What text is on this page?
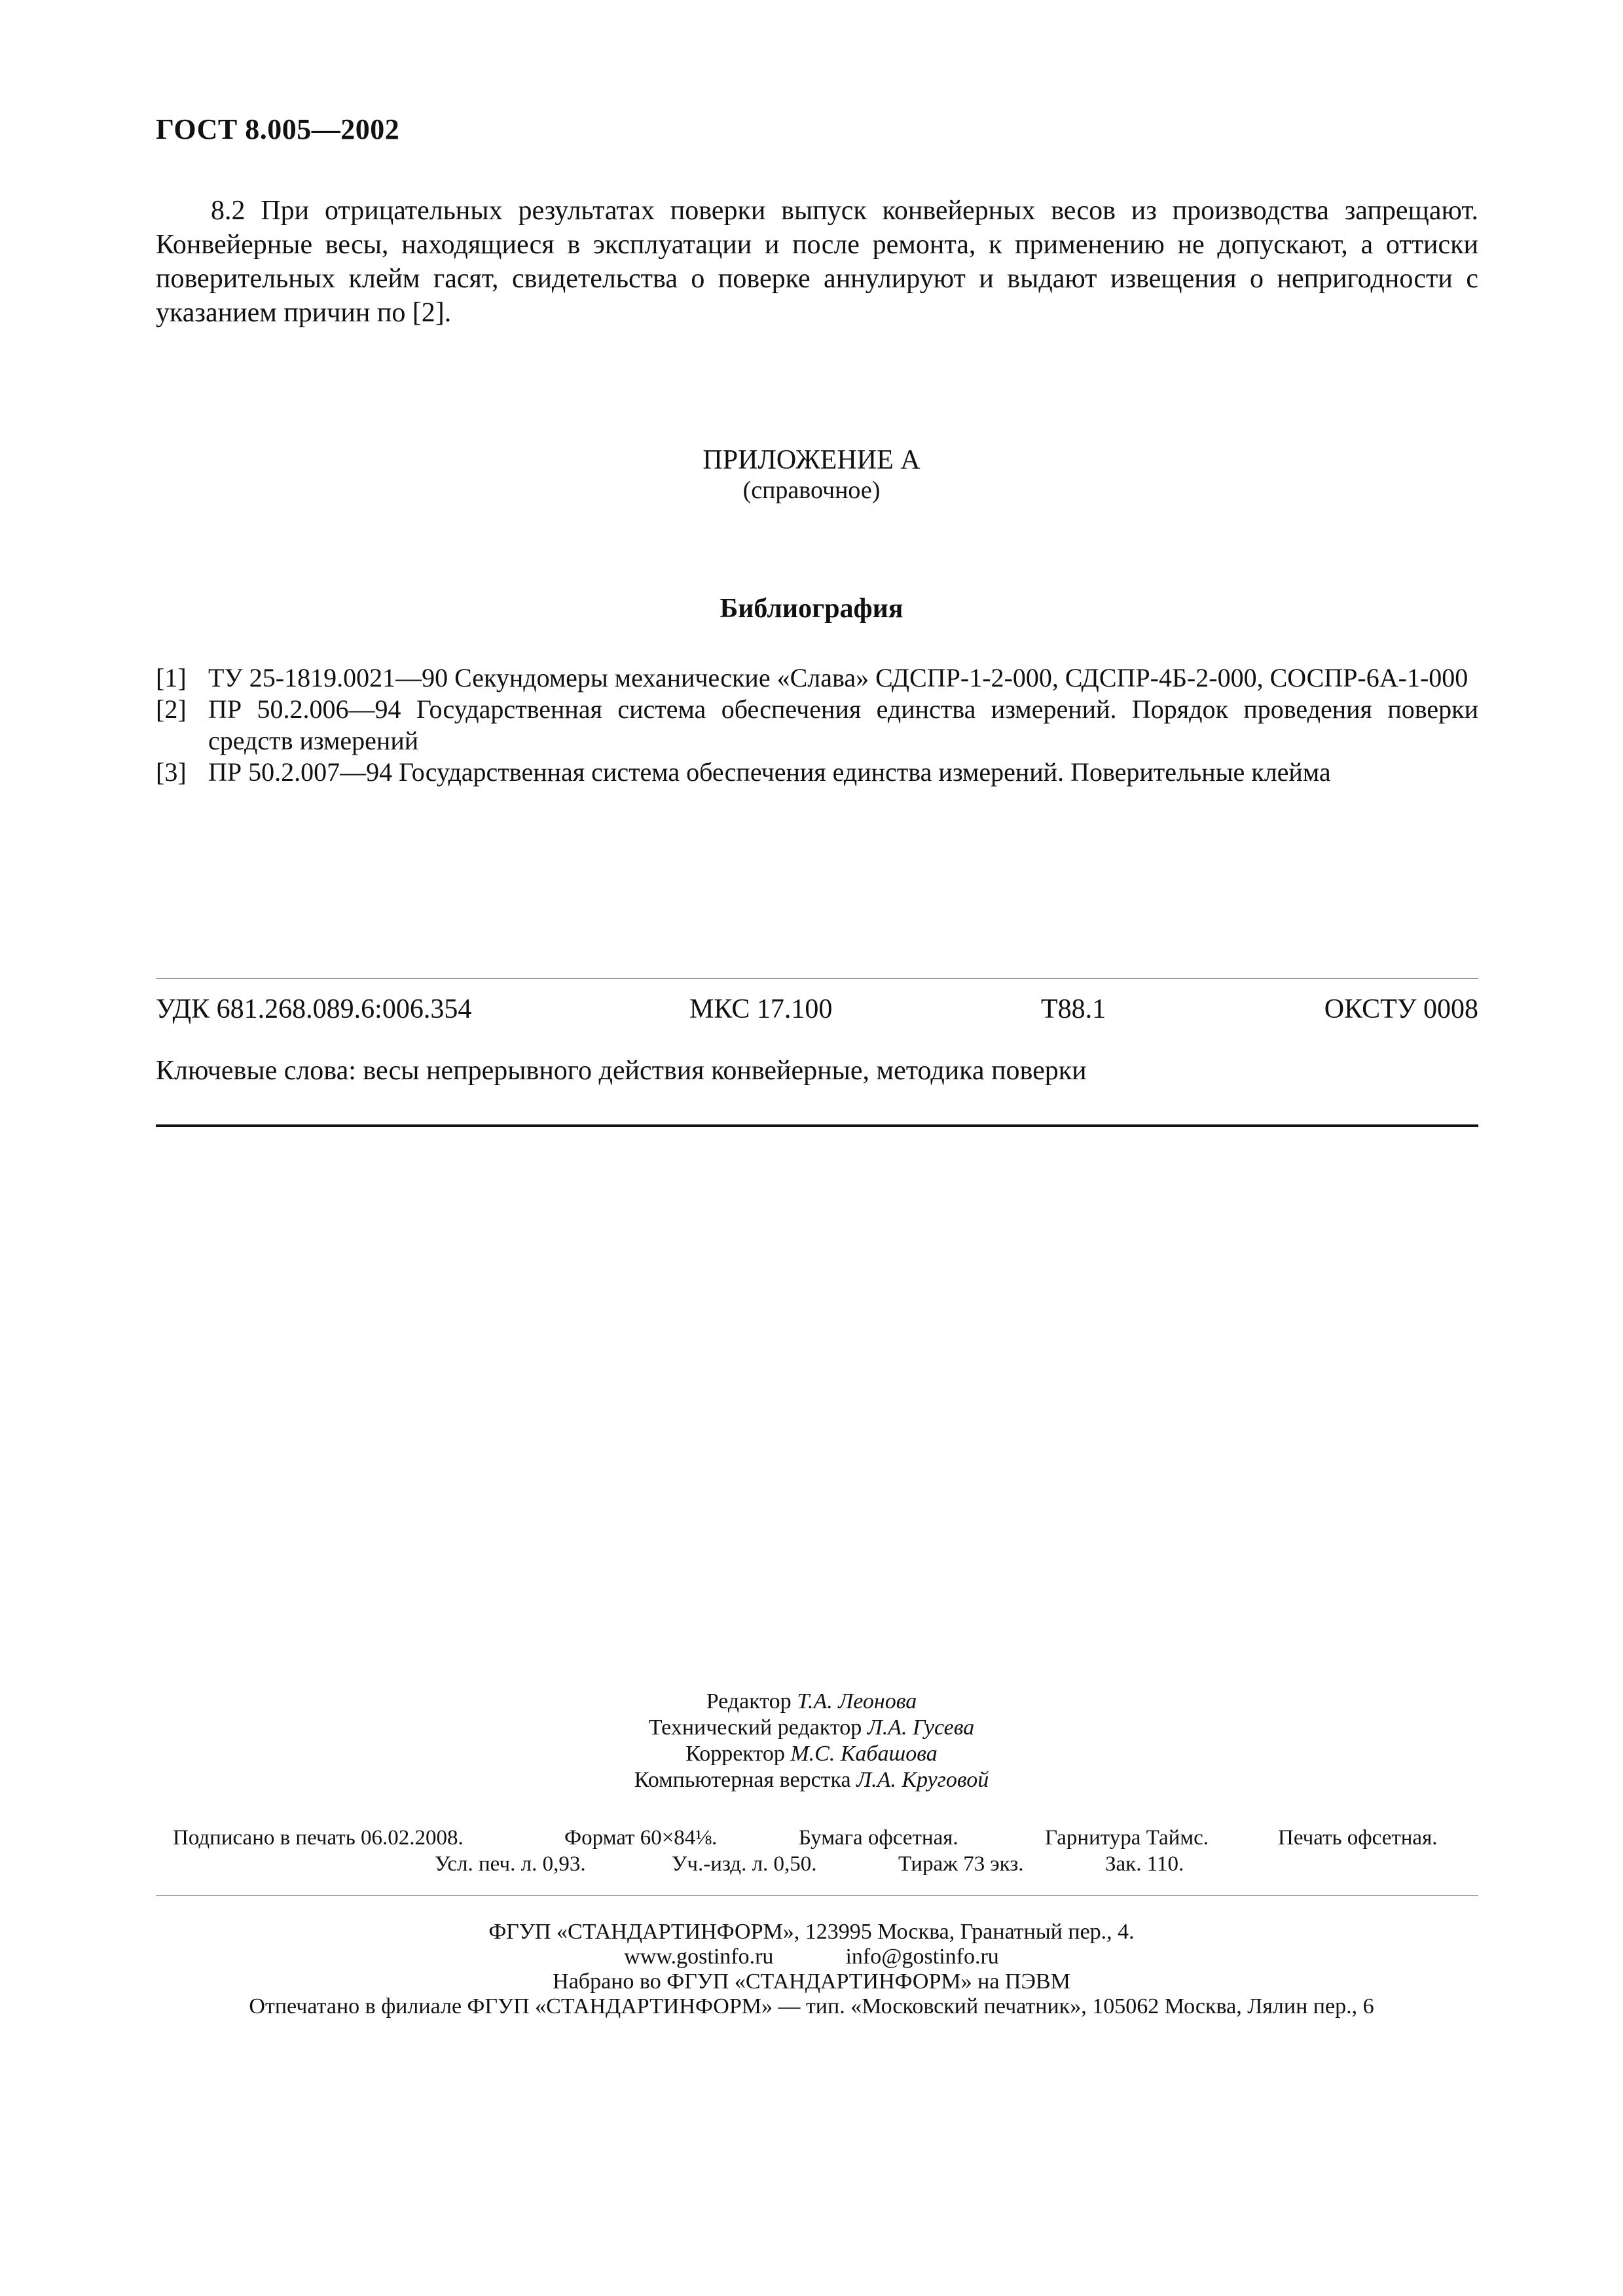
ГОСТ 8.005—2002
8.2 При отрицательных результатах поверки выпуск конвейерных весов из производства запрещают. Конвейерные весы, находящиеся в эксплуатации и после ремонта, к применению не допускают, а оттиски поверительных клейм гасят, свидетельства о поверке аннулируют и выдают извещения о непригодности с указанием причин по [2].
ПРИЛОЖЕНИЕ А
(справочное)
Библиография
[1] ТУ 25-1819.0021—90 Секундомеры механические «Слава» СДСПР-1-2-000, СДСПР-4Б-2-000, СОСПР-6А-1-000
[2] ПР 50.2.006—94 Государственная система обеспечения единства измерений. Порядок проведения поверки средств измерений
[3] ПР 50.2.007—94 Государственная система обеспечения единства измерений. Поверительные клейма
УДК 681.268.089.6:006.354	МКС 17.100	Т88.1	ОКСТУ 0008
Ключевые слова: весы непрерывного действия конвейерные, методика поверки
Редактор Т.А. Леонова
Технический редактор Л.А. Гусева
Корректор М.С. Кабашова
Компьютерная верстка Л.А. Круговой
Подписано в печать 06.02.2008.	Формат 60×84⅛.	Бумага офсетная.	Гарнитура Таймс.	Печать офсетная.
Усл. печ. л. 0,93.	Уч.-изд. л. 0,50.	Тираж 73 экз.	Зак. 110.
ФГУП «СТАНДАРТИНФОРМ», 123995 Москва, Гранатный пер., 4.
www.gostinfo.ru	info@gostinfo.ru
Набрано во ФГУП «СТАНДАРТИНФОРМ» на ПЭВМ
Отпечатано в филиале ФГУП «СТАНДАРТИНФОРМ» — тип. «Московский печатник», 105062 Москва, Лялин пер., 6
